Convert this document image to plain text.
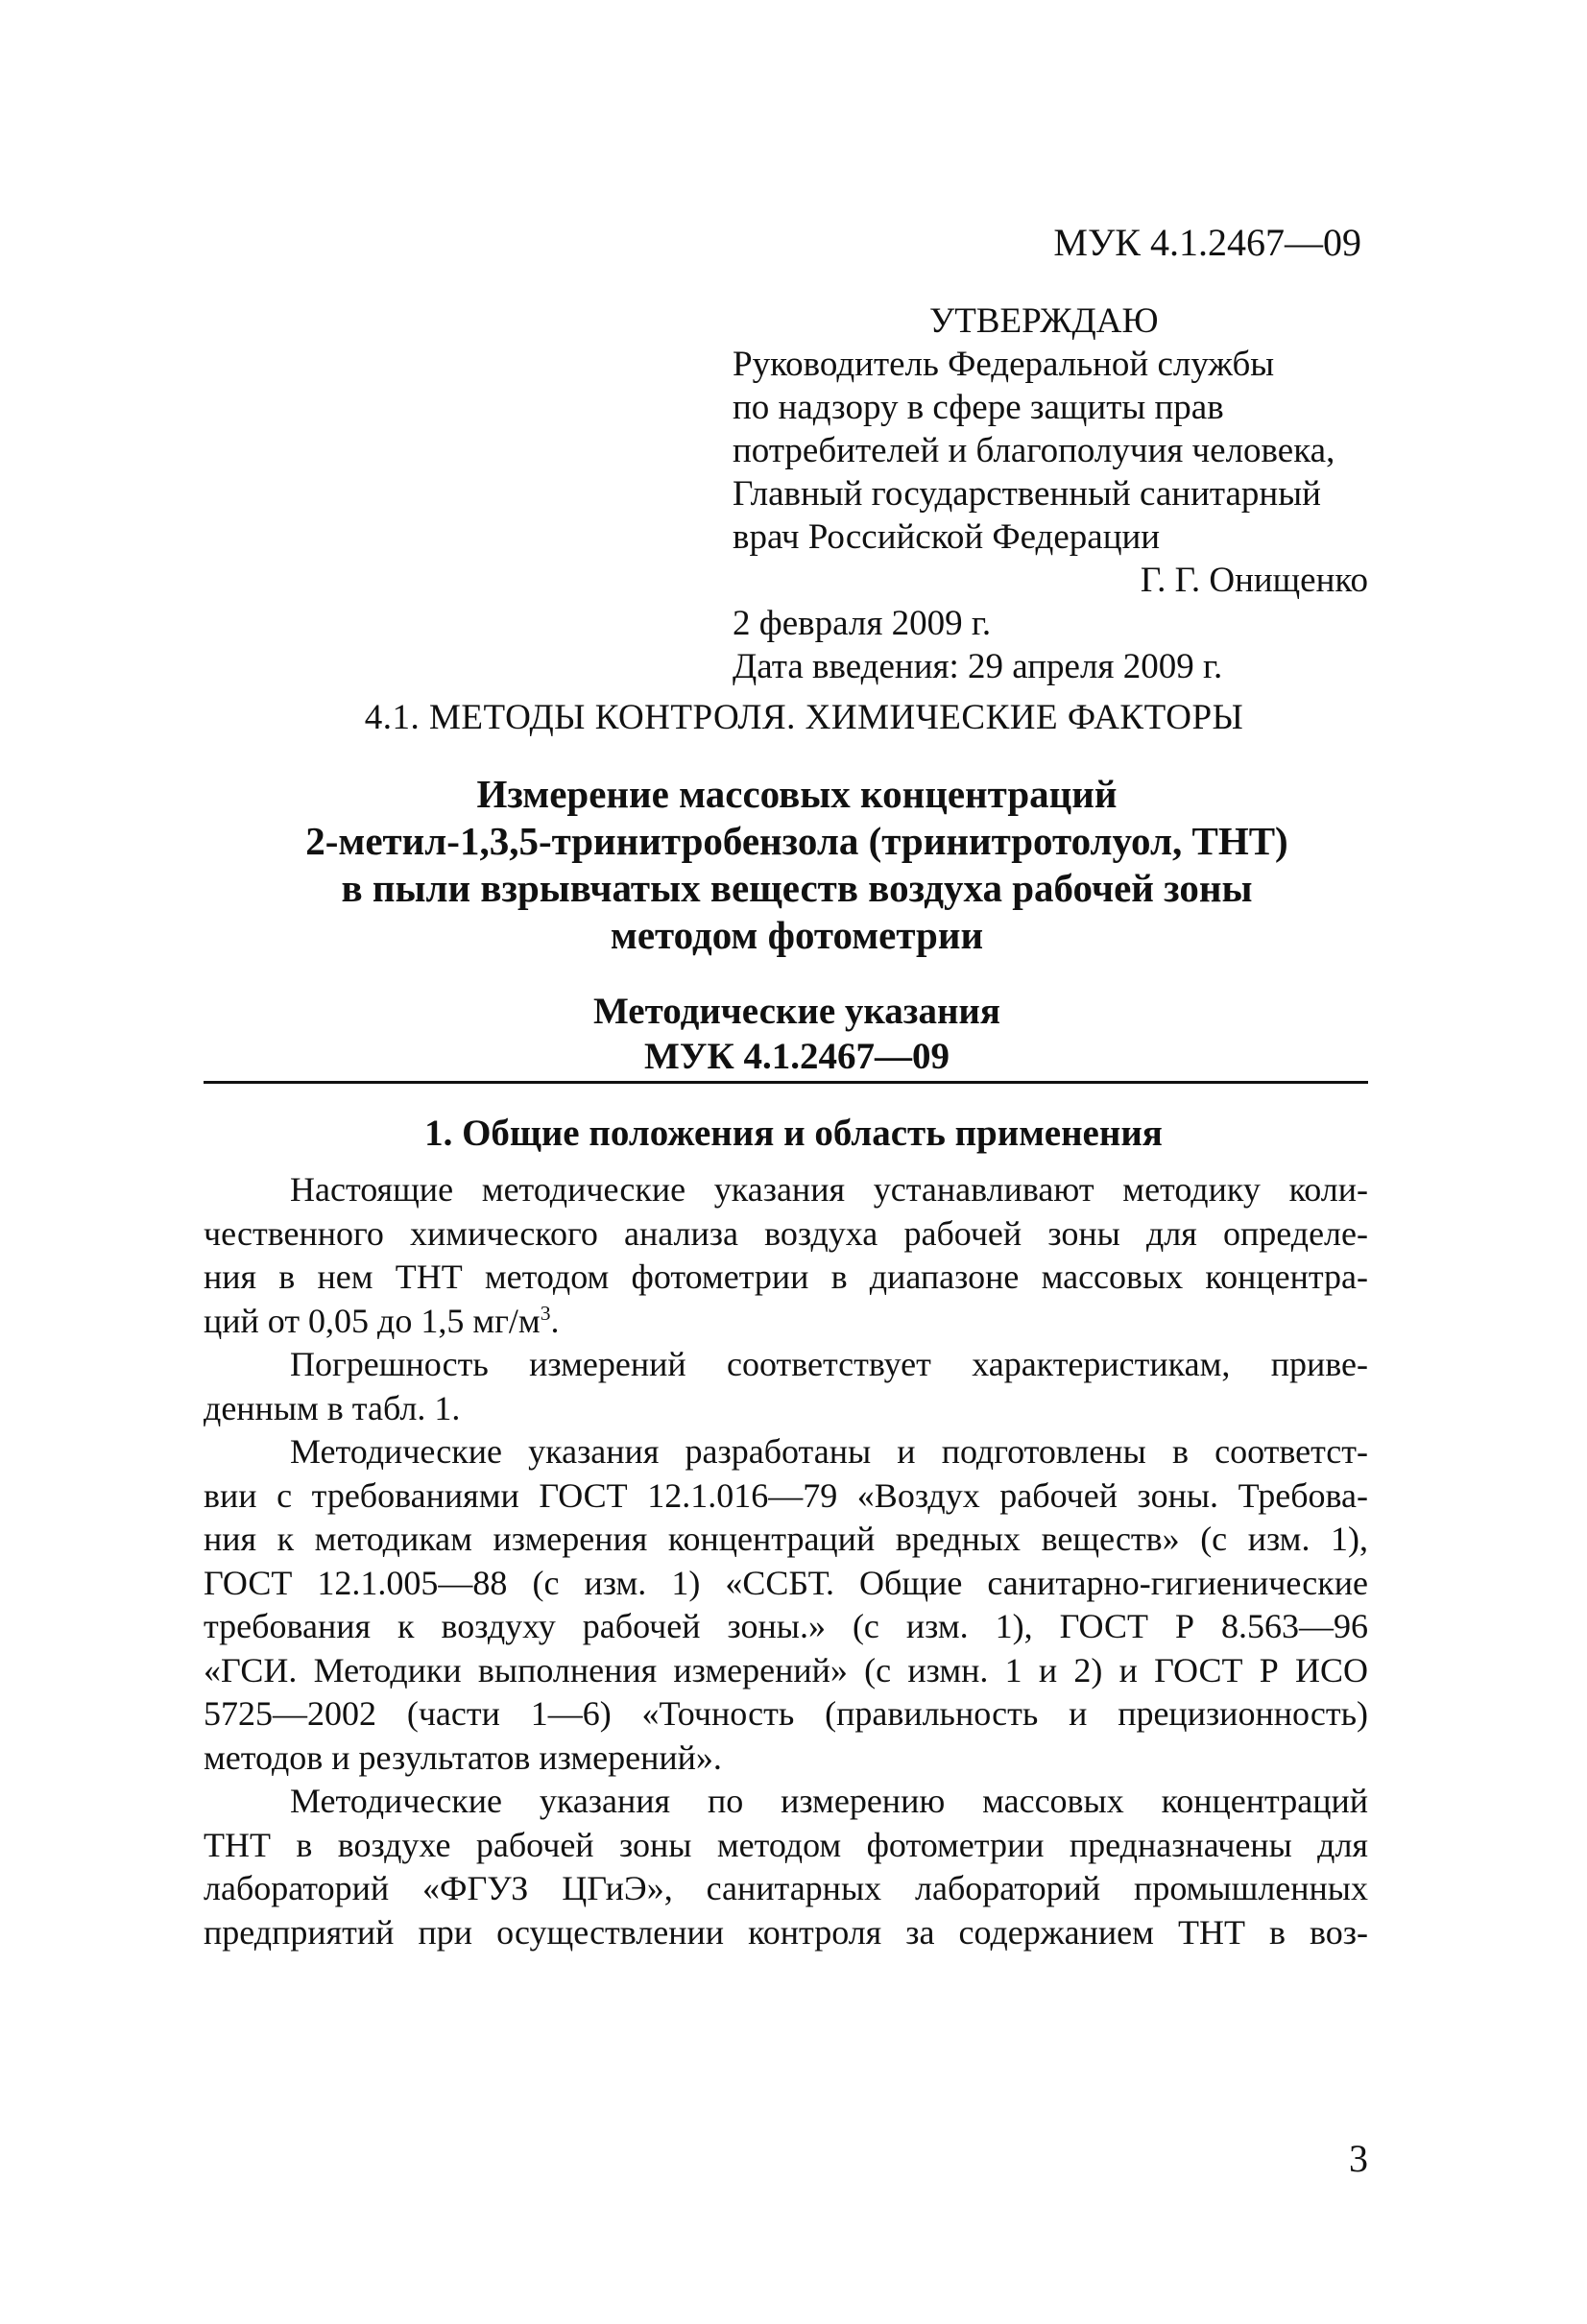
МУК 4.1.2467—09
УТВЕРЖДАЮ
Руководитель Федеральной службы
по надзору в сфере защиты прав
потребителей и благополучия человека,
Главный государственный санитарный
врач Российской Федерации
Г. Г. Онищенко
2 февраля 2009 г.
Дата введения: 29 апреля 2009 г.
4.1. МЕТОДЫ КОНТРОЛЯ. ХИМИЧЕСКИЕ ФАКТОРЫ
Измерение массовых концентраций
2-метил-1,3,5-тринитробензола (тринитротолуол, ТНТ)
в пыли взрывчатых веществ воздуха рабочей зоны
методом фотометрии
Методические указания
МУК 4.1.2467—09
1. Общие положения и область применения
Настоящие методические указания устанавливают методику коли-
чественного химического анализа воздуха рабочей зоны для определе-
ния в нем ТНТ методом фотометрии в диапазоне массовых концентра-
ций от 0,05 до 1,5 $мг/м^3$.
Погрешность измерений соответствует характеристикам, приве-
денным в табл. 1.
Методические указания разработаны и подготовлены в соответст-
вии с требованиями ГОСТ 12.1.016—79 «Воздух рабочей зоны. Требова-
ния к методикам измерения концентраций вредных веществ» (с изм. 1),
ГОСТ 12.1.005—88 (с изм. 1) «ССБТ. Общие санитарно-гигиенические
требования к воздуху рабочей зоны.» (с изм. 1), ГОСТ Р 8.563—96
«ГСИ. Методики выполнения измерений» (с измн. 1 и 2) и ГОСТ Р ИСО
5725—2002 (части 1—6) «Точность (правильность и прецизионность)
методов и результатов измерений».
Методические указания по измерению массовых концентраций
ТНТ в воздухе рабочей зоны методом фотометрии предназначены для
лабораторий «ФГУЗ ЦГиЭ», санитарных лабораторий промышленных
предприятий при осуществлении контроля за содержанием ТНТ в воз-
3
